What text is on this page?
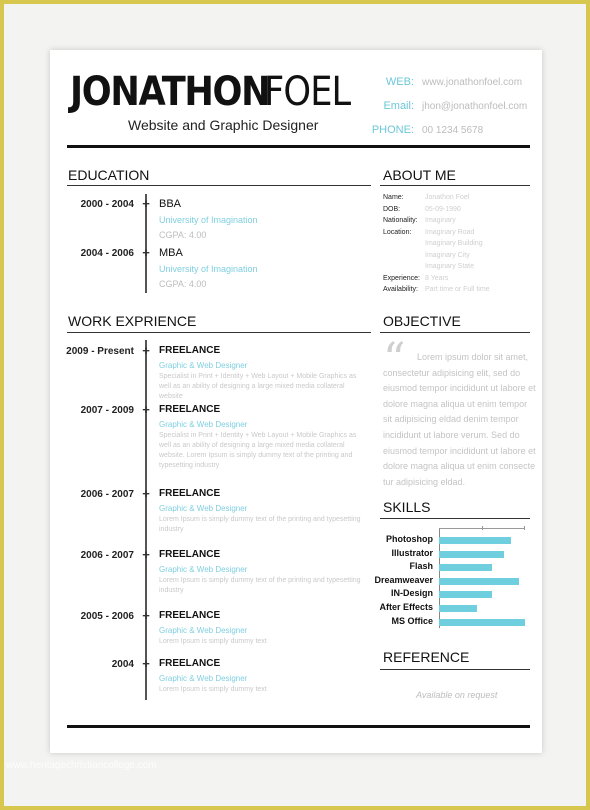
JONATHON
FOEL
Website and Graphic Designer
WEB: www.jonathonfoel.com
Email: jhon@jonathonfoel.com
PHONE: 00 1234 5678
EDUCATION
2000 - 2004 + BBA
University of Imagination
CGPA: 4.00
2004 - 2006 + MBA
University of Imagination
CGPA: 4.00
WORK EXPRIENCE
2009 - Present + FREELANCE
Graphic & Web Designer
Specialist in Print + Identity + Web Layout + Mobile Graphics as well as an ability of designing a large mixed media collateral website
2007 - 2009 + FREELANCE
Graphic & Web Designer
Specialist in Print + Identity + Web Layout + Mobile Graphics as well as an ability of designing a large mixed media collateral website. Lorem Ipsum is simply dummy text of the printing and typesetting industry
2006 - 2007 + FREELANCE
Graphic & Web Designer
Lorem Ipsum is simply dummy text of the printing and typesetting industry
2006 - 2007 + FREELANCE
Graphic & Web Designer
Lorem Ipsum is simply dummy text of the printing and typesetting industry
2005 - 2006 + FREELANCE
Graphic & Web Designer
Lorem Ipsum is simply dummy text
2004 + FREELANCE
Graphic & Web Designer
Lorem Ipsum is simply dummy text
ABOUT ME
Name:	Jonathon Foel
DOB:	05-09-1990
Nationality: Imaginary
Location: Imaginary Road
Imaginary Building
Imaginary City
Imaginary State
Experience: 8 Years
Availability: Part time or Full time
OBJECTIVE
“	Lorem ipsum dolor sit amet,
consectetur adipisicing elit, sed do
eiusmod tempor incididunt ut labore et
dolore magna aliqua ut enim tempor
sit adipisicing eldad denim tempor
incididunt ut labore verum. Sed do
eiusmod tempor incididunt ut labore et
dolore magna aliqua ut enim consecte
tur adipisicing eldad.
SKILLS
Photoshop
Illustrator
Flash
Dreamweaver
IN-Design
After Effects
MS Office
REFERENCE
Available on request
www.heritagechristiancollege.com
